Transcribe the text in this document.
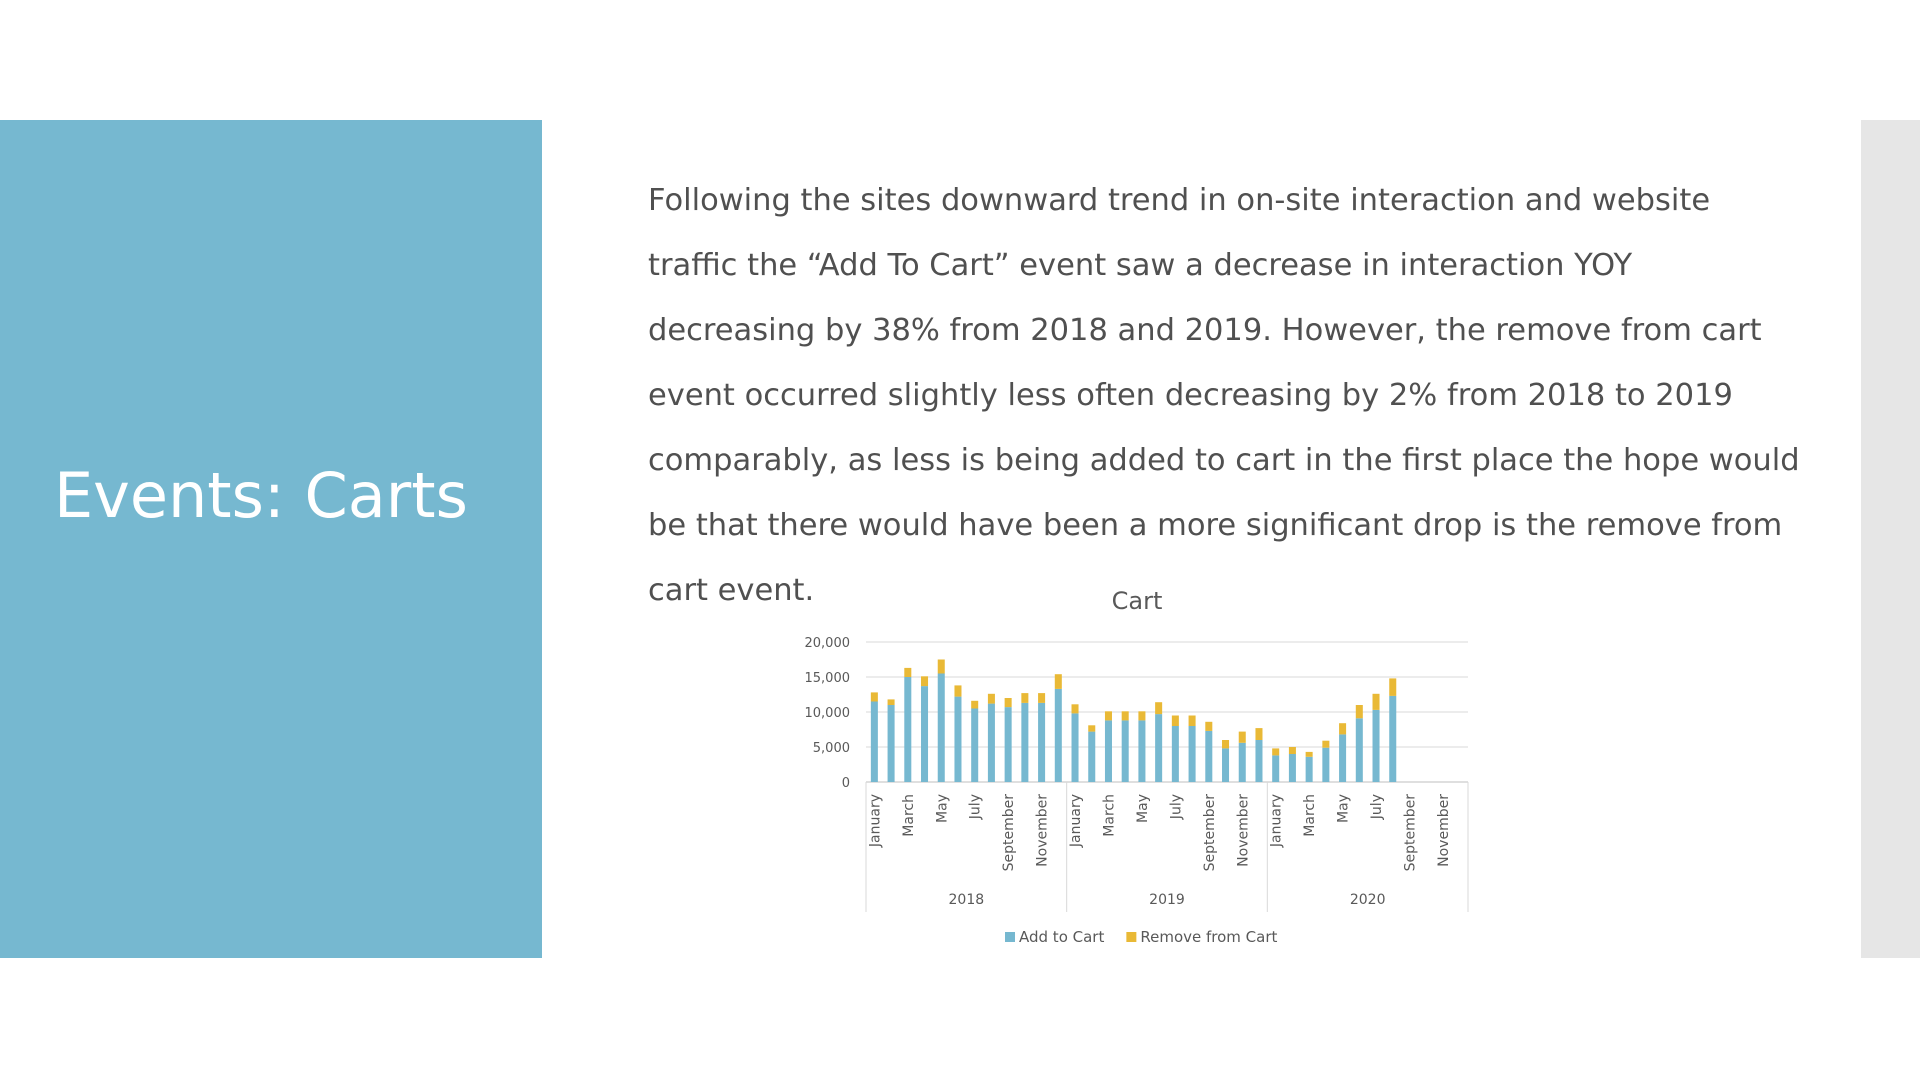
Events: Carts

Following the sites downward trend in on-site interaction and website traffic the “Add To Cart” event saw a decrease in interaction YOY decreasing by 38% from 2018 and 2019. However, the remove from cart event occurred slightly less often decreasing by 2% from 2018 to 2019 comparably, as less is being added to cart in the first place the hope would be that there would have been a more significant drop is the remove from cart event.	Cart
0
5,000
10,000
15,000
20,000
January March May July September November January March May July September November January March May July September November
2018	2019	2020
Add to Cart Remove from Cart
